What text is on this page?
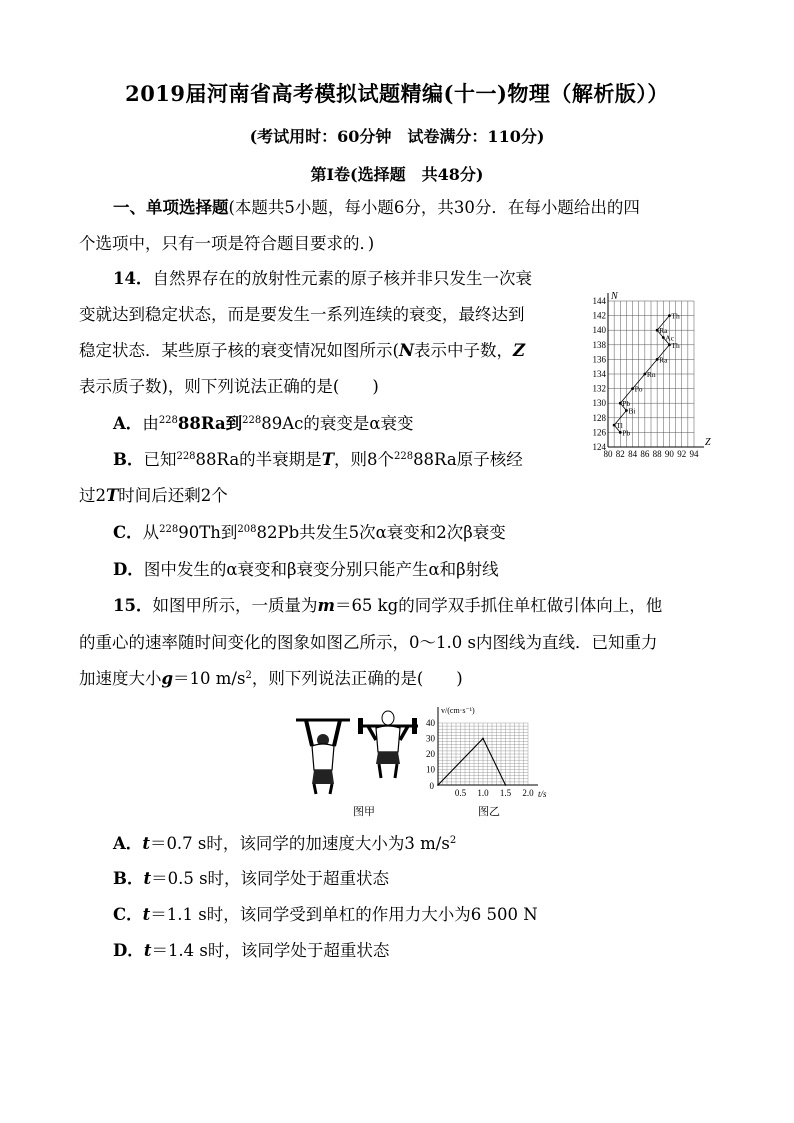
2019届河南省高考模拟试题精编(十一)物理（解析版））
(考试用时：60分钟　试卷满分：110分)
第Ⅰ卷(选择题　共48分)
一、单项选择题(本题共5小题，每小题6分，共30分．在每小题给出的四
个选项中，只有一项是符合题目要求的．)
14．自然界存在的放射性元素的原子核并非只发生一次衰
变就达到稳定状态，而是要发生一系列连续的衰变，最终达到
稳定状态．某些原子核的衰变情况如图所示(N表示中子数，Z
表示质子数)，则下列说法正确的是(　　)
A．由$^{228}$88Ra到$^{228}$89Ac的衰变是α衰变
B．已知$^{228}$88Ra的半衰期是T，则8个$^{228}$88Ra原子核经
过2T时间后还剩2个
C．从$^{228}$90Th到$^{208}$82Pb共发生5次α衰变和2次β衰变
D．图中发生的α衰变和β衰变分别只能产生α和β射线
Z
N
80 82 84 86 88 90 92 94
124
126
128
130
132
134
136
138
140
142
144
Th
Ra
Ac
Th
Ra
Rn
Po
Pb
Bi
Tl
Pb
15．如图甲所示，一质量为m＝65 kg的同学双手抓住单杠做引体向上，他
的重心的速率随时间变化的图象如图乙所示，0～1.0 s内图线为直线．已知重力
加速度大小g＝10 $m/s^2$，则下列说法正确的是(　　)
图甲
t/s
v/(cm·s⁻¹)
0
0.5 1.0 1.5 2.0
10
20
30
40
图乙
A．t＝0.7 s时，该同学的加速度大小为3 $m/s^2$
B．t＝0.5 s时，该同学处于超重状态
C．t＝1.1 s时，该同学受到单杠的作用力大小为6 500 N
D．t＝1.4 s时，该同学处于超重状态
